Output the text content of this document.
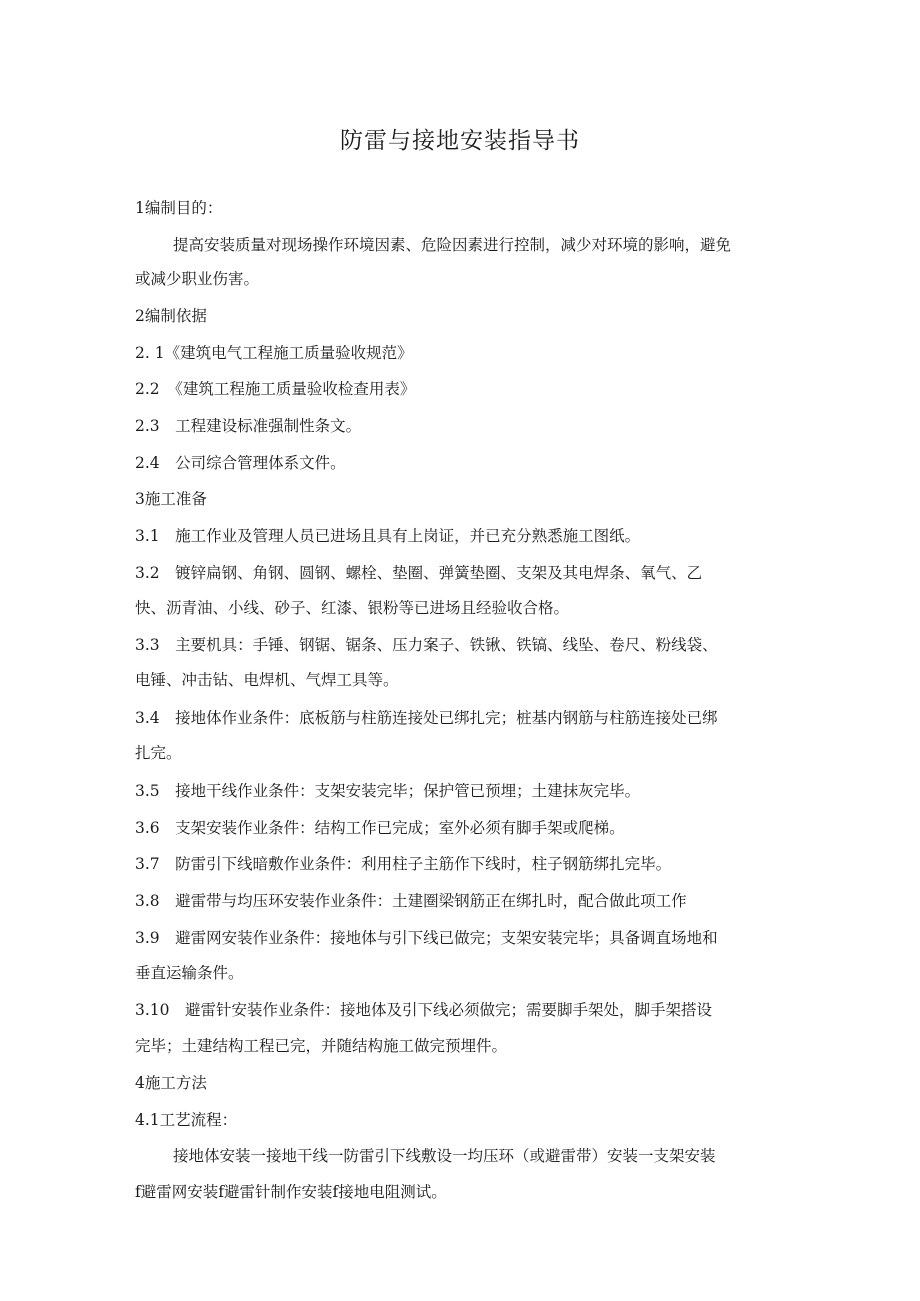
防雷与接地安装指导书
1编制目的：
提高安装质量对现场操作环境因素、危险因素进行控制，减少对环境的影响，避免
或减少职业伤害。
2编制依据
2. 1《建筑电气工程施工质量验收规范》
2.2　《建筑工程施工质量验收检查用表》
2.3　工程建设标准强制性条文。
2.4　公司综合管理体系文件。
3施工准备
3.1　施工作业及管理人员已进场且具有上岗证，并已充分熟悉施工图纸。
3.2　镀锌扁钢、角钢、圆钢、螺栓、垫圈、弹簧垫圈、支架及其电焊条、氧气、乙
快、沥青油、小线、砂子、红漆、银粉等已进场且经验收合格。
3.3　主要机具：手锤、钢锯、锯条、压力案子、铁锹、铁镐、线坠、卷尺、粉线袋、
电锤、冲击钻、电焊机、气焊工具等。
3.4　接地体作业条件：底板筋与柱筋连接处已绑扎完；桩基内钢筋与柱筋连接处已绑
扎完。
3.5　接地干线作业条件：支架安装完毕；保护管已预埋；土建抹灰完毕。
3.6　支架安装作业条件：结构工作已完成；室外必须有脚手架或爬梯。
3.7　防雷引下线暗敷作业条件：利用柱子主筋作下线时，柱子钢筋绑扎完毕。
3.8　避雷带与均压环安装作业条件：土建圈梁钢筋正在绑扎时，配合做此项工作
3.9　避雷网安装作业条件：接地体与引下线已做完；支架安装完毕；具备调直场地和
垂直运输条件。
3.10　避雷针安装作业条件：接地体及引下线必须做完；需要脚手架处，脚手架搭设
完毕；土建结构工程已完，并随结构施工做完预埋件。
4施工方法
4.1工艺流程：
接地体安装一接地干线一防雷引下线敷设一均压环（或避雷带）安装一支架安装
f避雷网安装f避雷针制作安装f接地电阻测试。
